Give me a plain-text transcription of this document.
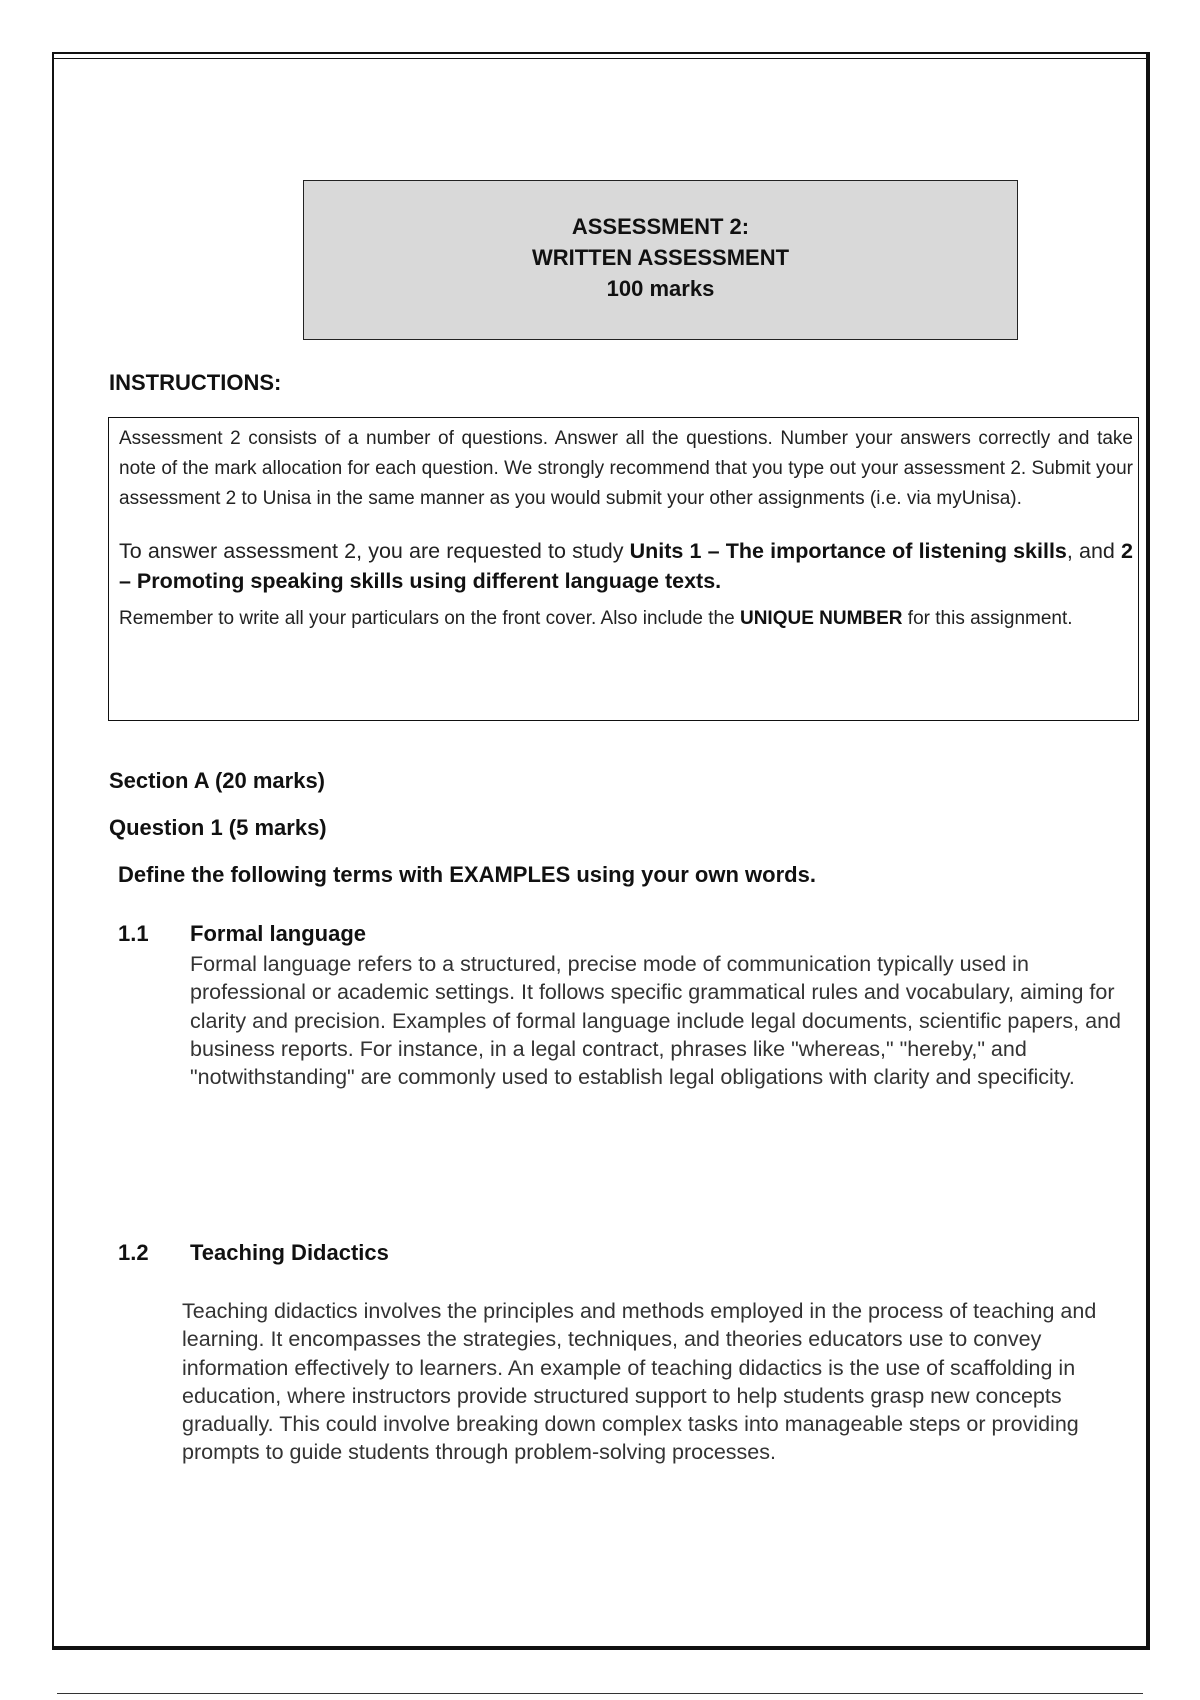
ASSESSMENT 2:
WRITTEN ASSESSMENT
100 marks
INSTRUCTIONS:

Assessment 2 consists of a number of questions. Answer all the questions. Number your answers correctly and take note of the mark allocation for each question. We strongly recommend that you type out your assessment 2. Submit your assessment 2 to Unisa in the same manner as you would submit your other assignments (i.e. via myUnisa).

To answer assessment 2, you are requested to study Units 1 – The importance of listening skills, and 2 – Promoting speaking skills using different language texts.

Remember to write all your particulars on the front cover. Also include the UNIQUE NUMBER for this assignment.

Section A (20 marks)
Question 1 (5 marks)
Define the following terms with EXAMPLES using your own words.
1.1 Formal language

Formal language refers to a structured, precise mode of communication typically used in professional or academic settings. It follows specific grammatical rules and vocabulary, aiming for clarity and precision. Examples of formal language include legal documents, scientific papers, and business reports. For instance, in a legal contract, phrases like "whereas," "hereby," and "notwithstanding" are commonly used to establish legal obligations with clarity and specificity.

1.2 Teaching Didactics

Teaching didactics involves the principles and methods employed in the process of teaching and learning. It encompasses the strategies, techniques, and theories educators use to convey information effectively to learners. An example of teaching didactics is the use of scaffolding in education, where instructors provide structured support to help students grasp new concepts gradually. This could involve breaking down complex tasks into manageable steps or providing prompts to guide students through problem-solving processes.
